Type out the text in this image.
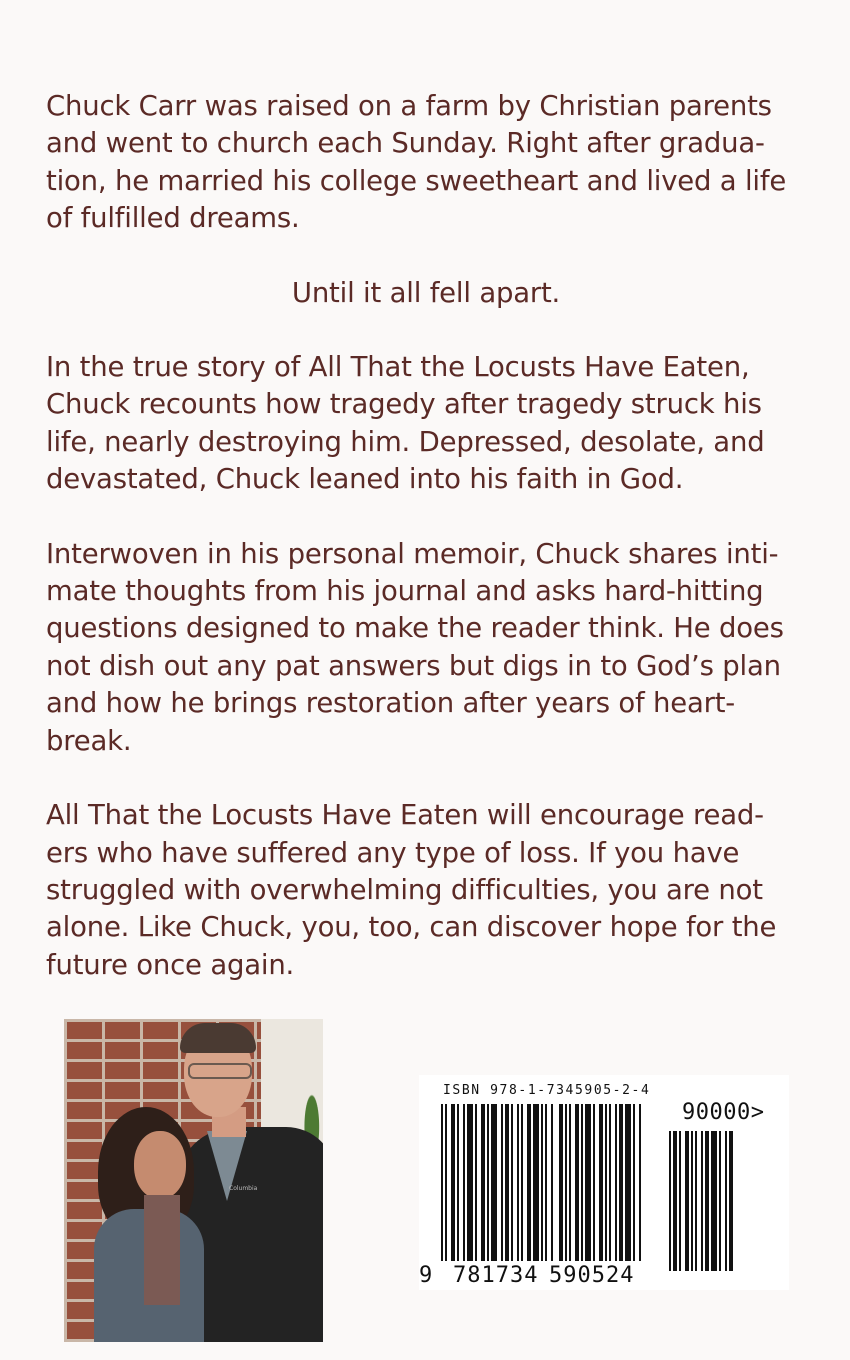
Chuck Carr was raised on a farm by Christian parents
and went to church each Sunday. Right after gradua-
tion, he married his college sweetheart and lived a life
of fulfilled dreams.

Until it all fell apart.

In the true story of All That the Locusts Have Eaten,
Chuck recounts how tragedy after tragedy struck his
life, nearly destroying him. Depressed, desolate, and
devastated, Chuck leaned into his faith in God.

Interwoven in his personal memoir, Chuck shares inti-
mate thoughts from his journal and asks hard-hitting
questions designed to make the reader think. He does
not dish out any pat answers but digs in to God’s plan
and how he brings restoration after years of heart-
break.

All That the Locusts Have Eaten will encourage read-
ers who have suffered any type of loss. If you have
struggled with overwhelming difficulties, you are not
alone. Like Chuck, you, too, can discover hope for the
future once again.

Columbia
ISBN 978-1-7345905-2-4
90000>
9 781734 590524
